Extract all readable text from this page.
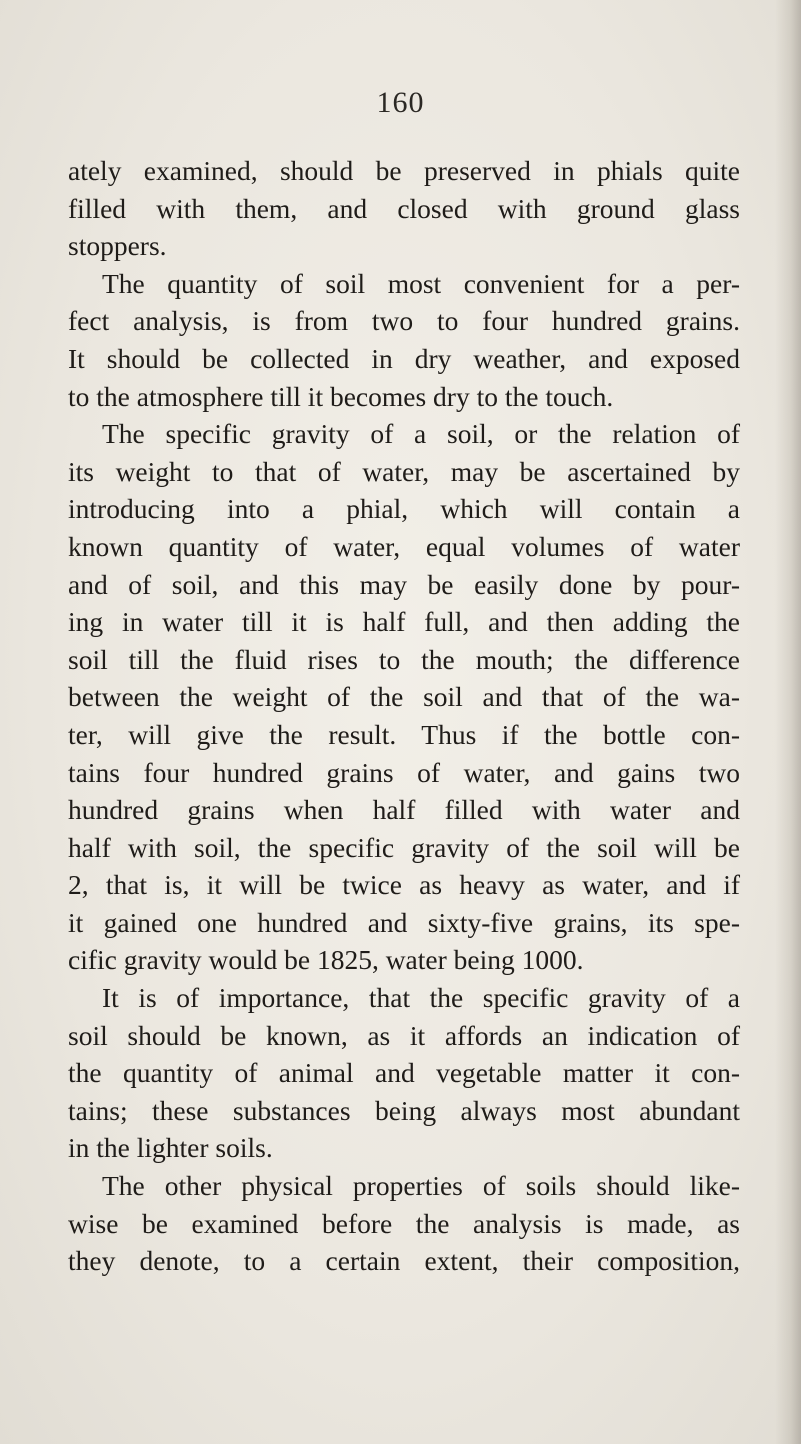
160
ately examined, should be preserved in phials quite
filled with them, and closed with ground glass
stoppers.
The quantity of soil most convenient for a per-
fect analysis, is from two to four hundred grains.
It should be collected in dry weather, and exposed
to the atmosphere till it becomes dry to the touch.
The specific gravity of a soil, or the relation of
its weight to that of water, may be ascertained by
introducing into a phial, which will contain a
known quantity of water, equal volumes of water
and of soil, and this may be easily done by pour-
ing in water till it is half full, and then adding the
soil till the fluid rises to the mouth; the difference
between the weight of the soil and that of the wa-
ter, will give the result. Thus if the bottle con-
tains four hundred grains of water, and gains two
hundred grains when half filled with water and
half with soil, the specific gravity of the soil will be
2, that is, it will be twice as heavy as water, and if
it gained one hundred and sixty-five grains, its spe-
cific gravity would be 1825, water being 1000.
It is of importance, that the specific gravity of a
soil should be known, as it affords an indication of
the quantity of animal and vegetable matter it con-
tains; these substances being always most abundant
in the lighter soils.
The other physical properties of soils should like-
wise be examined before the analysis is made, as
they denote, to a certain extent, their composition,
